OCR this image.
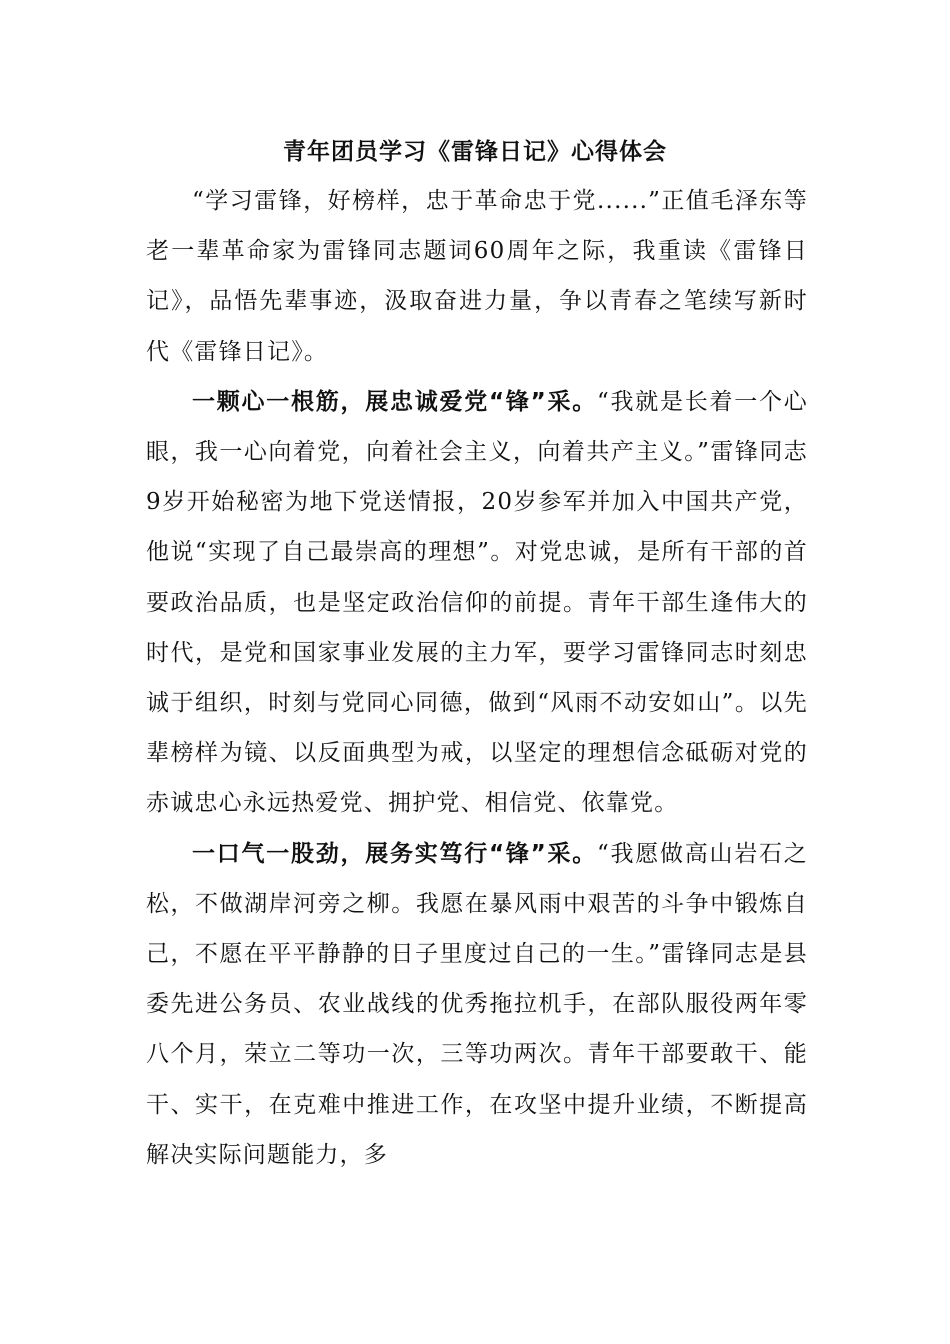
青年团员学习《雷锋日记》心得体会

“学习雷锋，好榜样，忠于革命忠于党......”正值毛泽东等老一辈革命家为雷锋同志题词60周年之际，我重读《雷锋日记》，品悟先辈事迹，汲取奋进力量，争以青春之笔续写新时代《雷锋日记》。

一颗心一根筋，展忠诚爱党“锋”采。“我就是长着一个心眼，我一心向着党，向着社会主义，向着共产主义。”雷锋同志9岁开始秘密为地下党送情报，20岁参军并加入中国共产党，他说“实现了自己最崇高的理想”。对党忠诚，是所有干部的首要政治品质，也是坚定政治信仰的前提。青年干部生逢伟大的时代，是党和国家事业发展的主力军，要学习雷锋同志时刻忠诚于组织，时刻与党同心同德，做到“风雨不动安如山”。以先辈榜样为镜、以反面典型为戒，以坚定的理想信念砥砺对党的赤诚忠心永远热爱党、拥护党、相信党、依靠党。

一口气一股劲，展务实笃行“锋”采。“我愿做高山岩石之松，不做湖岸河旁之柳。我愿在暴风雨中艰苦的斗争中锻炼自己，不愿在平平静静的日子里度过自己的一生。”雷锋同志是县委先进公务员、农业战线的优秀拖拉机手，在部队服役两年零八个月，荣立二等功一次，三等功两次。青年干部要敢干、能干、实干，在克难中推进工作，在攻坚中提升业绩，不断提高解决实际问题能力，多
